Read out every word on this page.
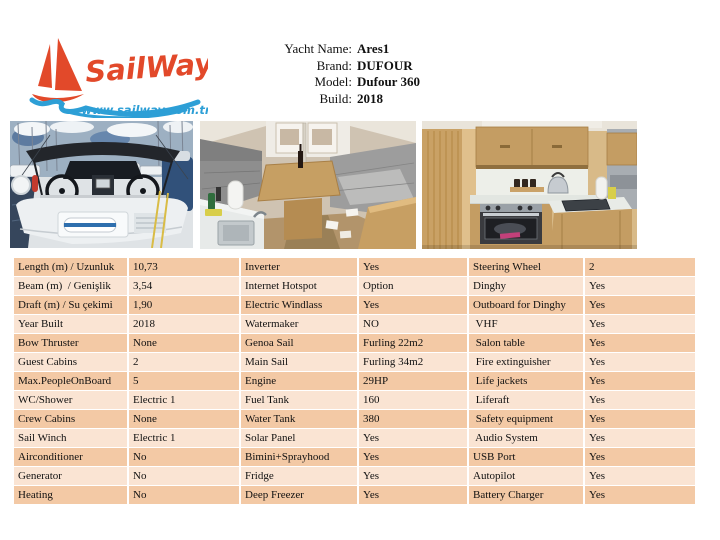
SailWay
www.sailway.com.tr
Yacht Name: Ares1
Brand: DUFOUR
Model: Dufour 360
Build: 2018
Length (m) / Uzunluk	10,73	Inverter	Yes	Steering Wheel	2
Beam (m)  / Genişlik	3,54	Internet Hotspot	Option	Dinghy	Yes
Draft (m) / Su çekimi	1,90	Electric Windlass	Yes	Outboard for Dinghy	Yes
Year Built	2018	Watermaker	NO	VHF	Yes
Bow Thruster	None	Genoa Sail	Furling 22m2	Salon table	Yes
Guest Cabins	2	Main Sail	Furling 34m2	Fire extinguisher	Yes
Max.PeopleOnBoard	5	Engine	29HP	Life jackets	Yes
WC/Shower	Electric 1	Fuel Tank	160	Liferaft	Yes
Crew Cabins	None	Water Tank	380	Safety equipment	Yes
Sail Winch	Electric 1	Solar Panel	Yes	Audio System	Yes
Airconditioner	No	Bimini+Sprayhood	Yes	USB Port	Yes
Generator	No	Fridge	Yes	Autopilot	Yes
Heating	No	Deep Freezer	Yes	Battery Charger	Yes
